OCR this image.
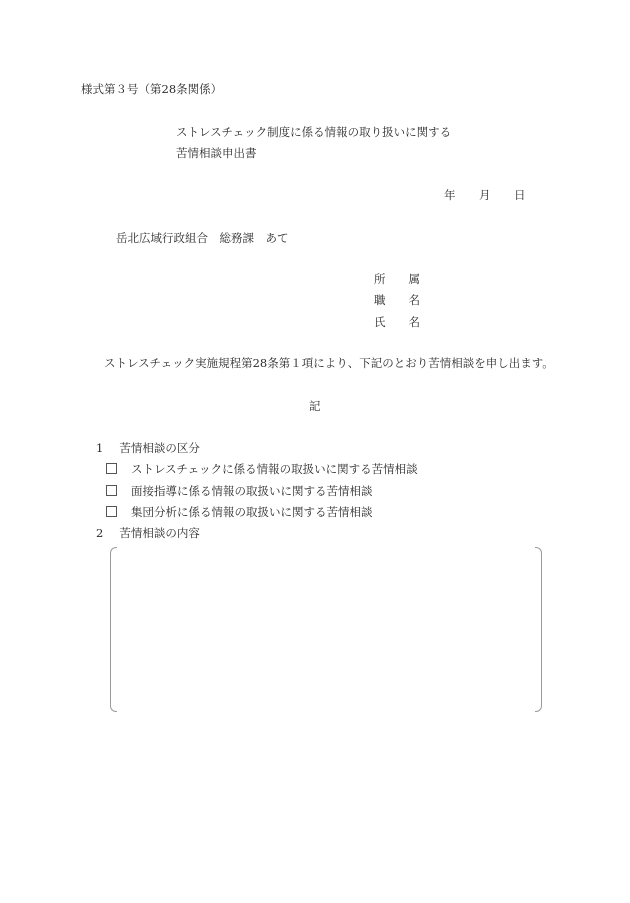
様式第３号（第28条関係）
ストレスチェック制度に係る情報の取り扱いに関する
苦情相談申出書
年 月 日
岳北広域行政組合　総務課　あて
所　　属
職　　名
氏　　名
ストレスチェック実施規程第28条第１項により、下記のとおり苦情相談を申し出ます。
記
1 苦情相談の区分
ストレスチェックに係る情報の取扱いに関する苦情相談
面接指導に係る情報の取扱いに関する苦情相談
集団分析に係る情報の取扱いに関する苦情相談
2 苦情相談の内容
